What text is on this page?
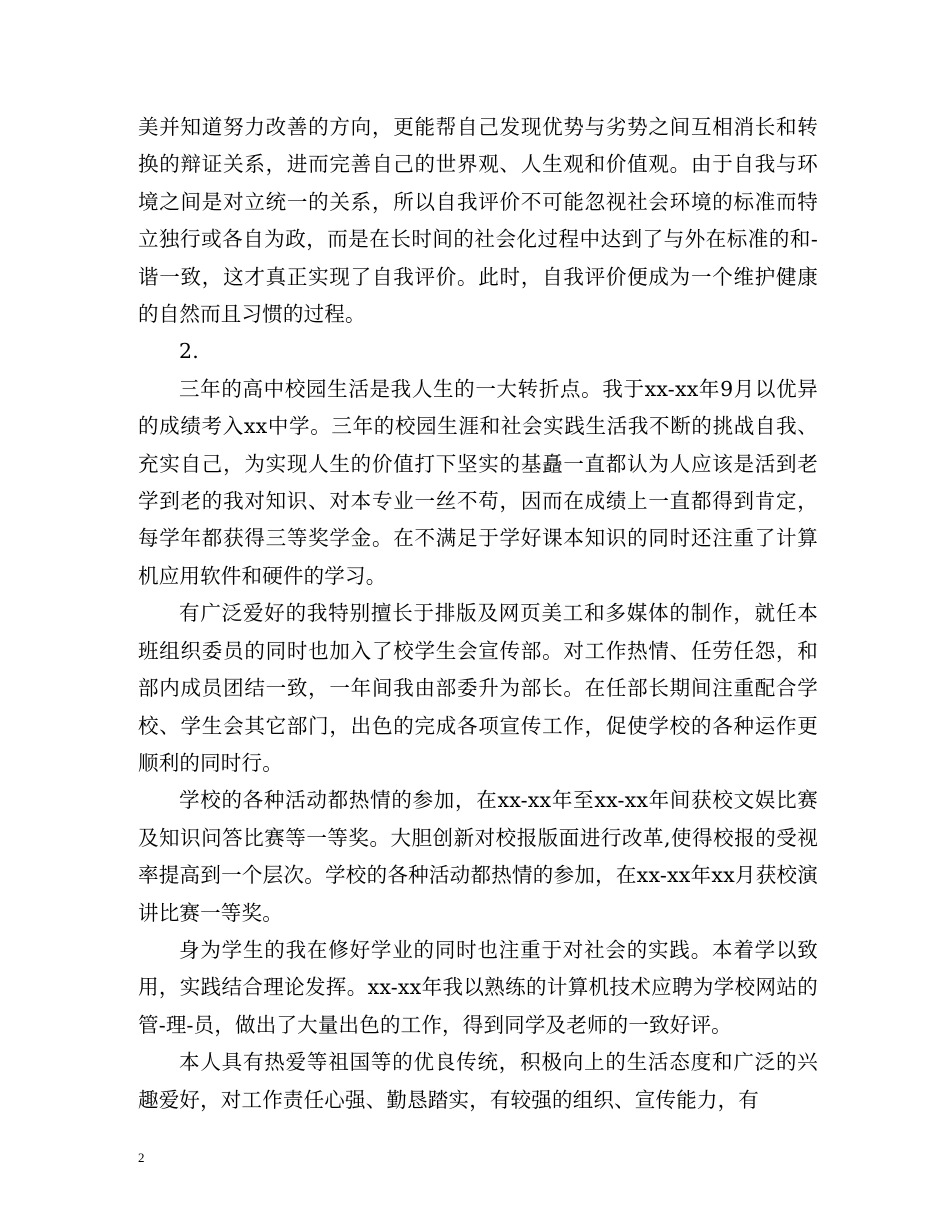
美并知道努力改善的方向，更能帮自己发现优势与劣势之间互相消长和转换的辩证关系，进而完善自己的世界观、人生观和价值观。由于自我与环境之间是对立统一的关系，所以自我评价不可能忽视社会环境的标准而特立独行或各自为政，而是在长时间的社会化过程中达到了与外在标准的和-谐一致，这才真正实现了自我评价。此时，自我评价便成为一个维护健康的自然而且习惯的过程。

2.

三年的高中校园生活是我人生的一大转折点。我于xx-xx年9月以优异的成绩考入xx中学。三年的校园生涯和社会实践生活我不断的挑战自我、充实自己，为实现人生的价值打下坚实的基矗一直都认为人应该是活到老学到老的我对知识、对本专业一丝不苟，因而在成绩上一直都得到肯定，每学年都获得三等奖学金。在不满足于学好课本知识的同时还注重了计算机应用软件和硬件的学习。

有广泛爱好的我特别擅长于排版及网页美工和多媒体的制作，就任本班组织委员的同时也加入了校学生会宣传部。对工作热情、任劳任怨，和部内成员团结一致，一年间我由部委升为部长。在任部长期间注重配合学校、学生会其它部门，出色的完成各项宣传工作，促使学校的各种运作更顺利的同时行。

学校的各种活动都热情的参加，在xx-xx年至xx-xx年间获校文娱比赛及知识问答比赛等一等奖。大胆创新对校报版面进行改革,使得校报的受视率提高到一个层次。学校的各种活动都热情的参加，在xx-xx年xx月获校演讲比赛一等奖。

身为学生的我在修好学业的同时也注重于对社会的实践。本着学以致用，实践结合理论发挥。xx-xx年我以熟练的计算机技术应聘为学校网站的管-理-员，做出了大量出色的工作，得到同学及老师的一致好评。

本人具有热爱等祖国等的优良传统，积极向上的生活态度和广泛的兴趣爱好，对工作责任心强、勤恳踏实，有较强的组织、宣传能力，有

2
